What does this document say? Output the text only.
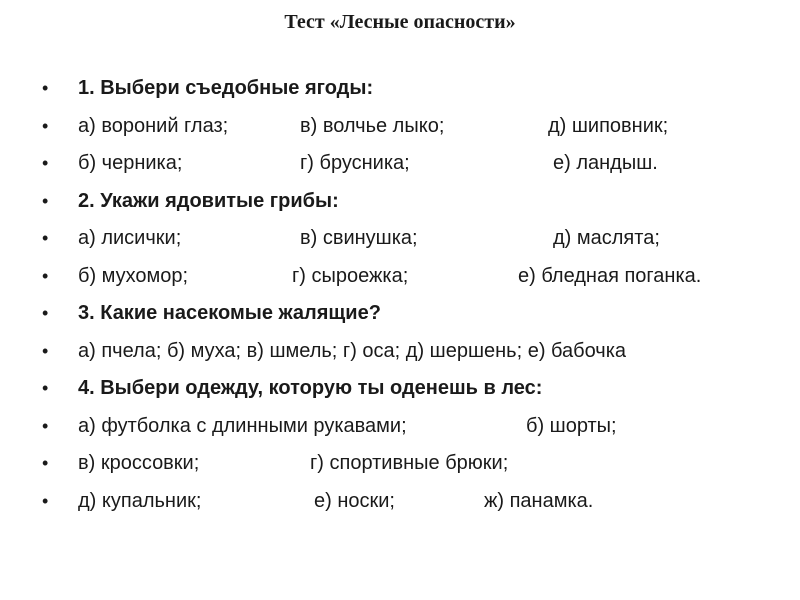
Тест «Лесные опасности»
• 1. Выбери съедобные ягоды:
• а) вороний глаз;	в) волчье лыко;	д) шиповник;
• б) черника;	г) брусника;	е) ландыш.
• 2. Укажи ядовитые грибы:
• а) лисички;	в) свинушка;	д) маслята;
• б) мухомор;	г) сыроежка;	е) бледная поганка.
• 3. Какие насекомые жалящие?
• а) пчела; б) муха; в) шмель; г) оса; д) шершень; е) бабочка
• 4. Выбери одежду, которую ты оденешь в лес:
• а) футболка с длинными рукавами;	б) шорты;
• в) кроссовки;	г) спортивные брюки;
• д) купальник;	е) носки;	ж) панамка.
